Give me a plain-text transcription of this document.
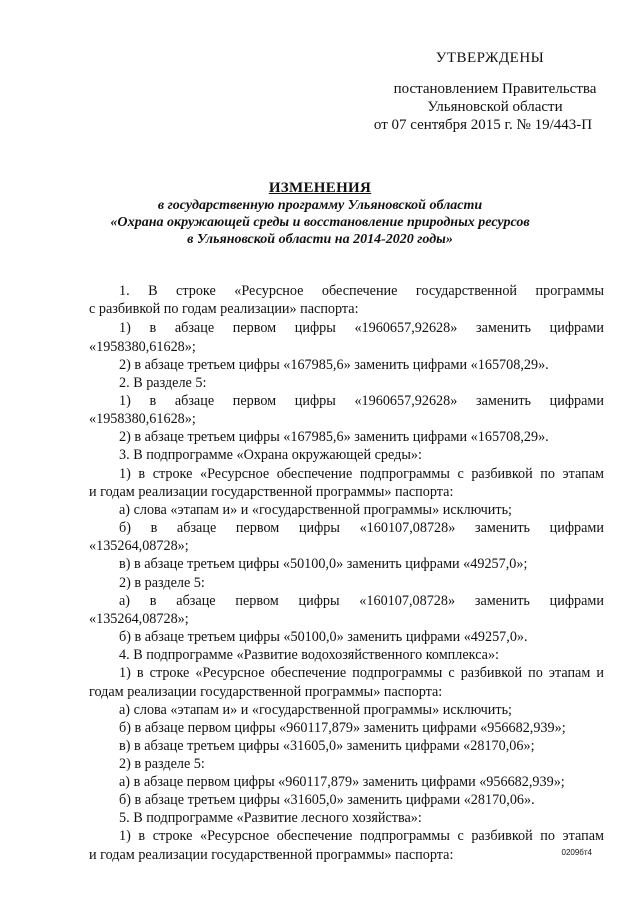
УТВЕРЖДЕНЫ
постановлением Правительства
Ульяновской области
от 07 сентября 2015 г. № 19/443-П
ИЗМЕНЕНИЯ
в государственную программу Ульяновской области
«Охрана окружающей среды и восстановление природных ресурсов
в Ульяновской области на 2014-2020 годы»
1. В строке «Ресурсное обеспечение государственной программы
с разбивкой по годам реализации» паспорта:
1) в абзаце первом цифры «1960657,92628» заменить цифрами
«1958380,61628»;
2) в абзаце третьем цифры «167985,6» заменить цифрами «165708,29».
2. В разделе 5:
1) в абзаце первом цифры «1960657,92628» заменить цифрами
«1958380,61628»;
2) в абзаце третьем цифры «167985,6» заменить цифрами «165708,29».
3. В подпрограмме «Охрана окружающей среды»:
1) в строке «Ресурсное обеспечение подпрограммы с разбивкой по этапам
и годам реализации государственной программы» паспорта:
а) слова «этапам и» и «государственной программы» исключить;
б) в абзаце первом цифры «160107,08728» заменить цифрами
«135264,08728»;
в) в абзаце третьем цифры «50100,0» заменить цифрами «49257,0»;
2) в разделе 5:
а) в абзаце первом цифры «160107,08728» заменить цифрами
«135264,08728»;
б) в абзаце третьем цифры «50100,0» заменить цифрами «49257,0».
4. В подпрограмме «Развитие водохозяйственного комплекса»:
1) в строке «Ресурсное обеспечение подпрограммы с разбивкой по этапам и
годам реализации государственной программы» паспорта:
а) слова «этапам и» и «государственной программы» исключить;
б) в абзаце первом цифры «960117,879» заменить цифрами «956682,939»;
в) в абзаце третьем цифры «31605,0» заменить цифрами «28170,06»;
2) в разделе 5:
а) в абзаце первом цифры «960117,879» заменить цифрами «956682,939»;
б) в абзаце третьем цифры «31605,0» заменить цифрами «28170,06».
5. В подпрограмме «Развитие лесного хозяйства»:
1) в строке «Ресурсное обеспечение подпрограммы с разбивкой по этапам
и годам реализации государственной программы» паспорта:	0209бт4
